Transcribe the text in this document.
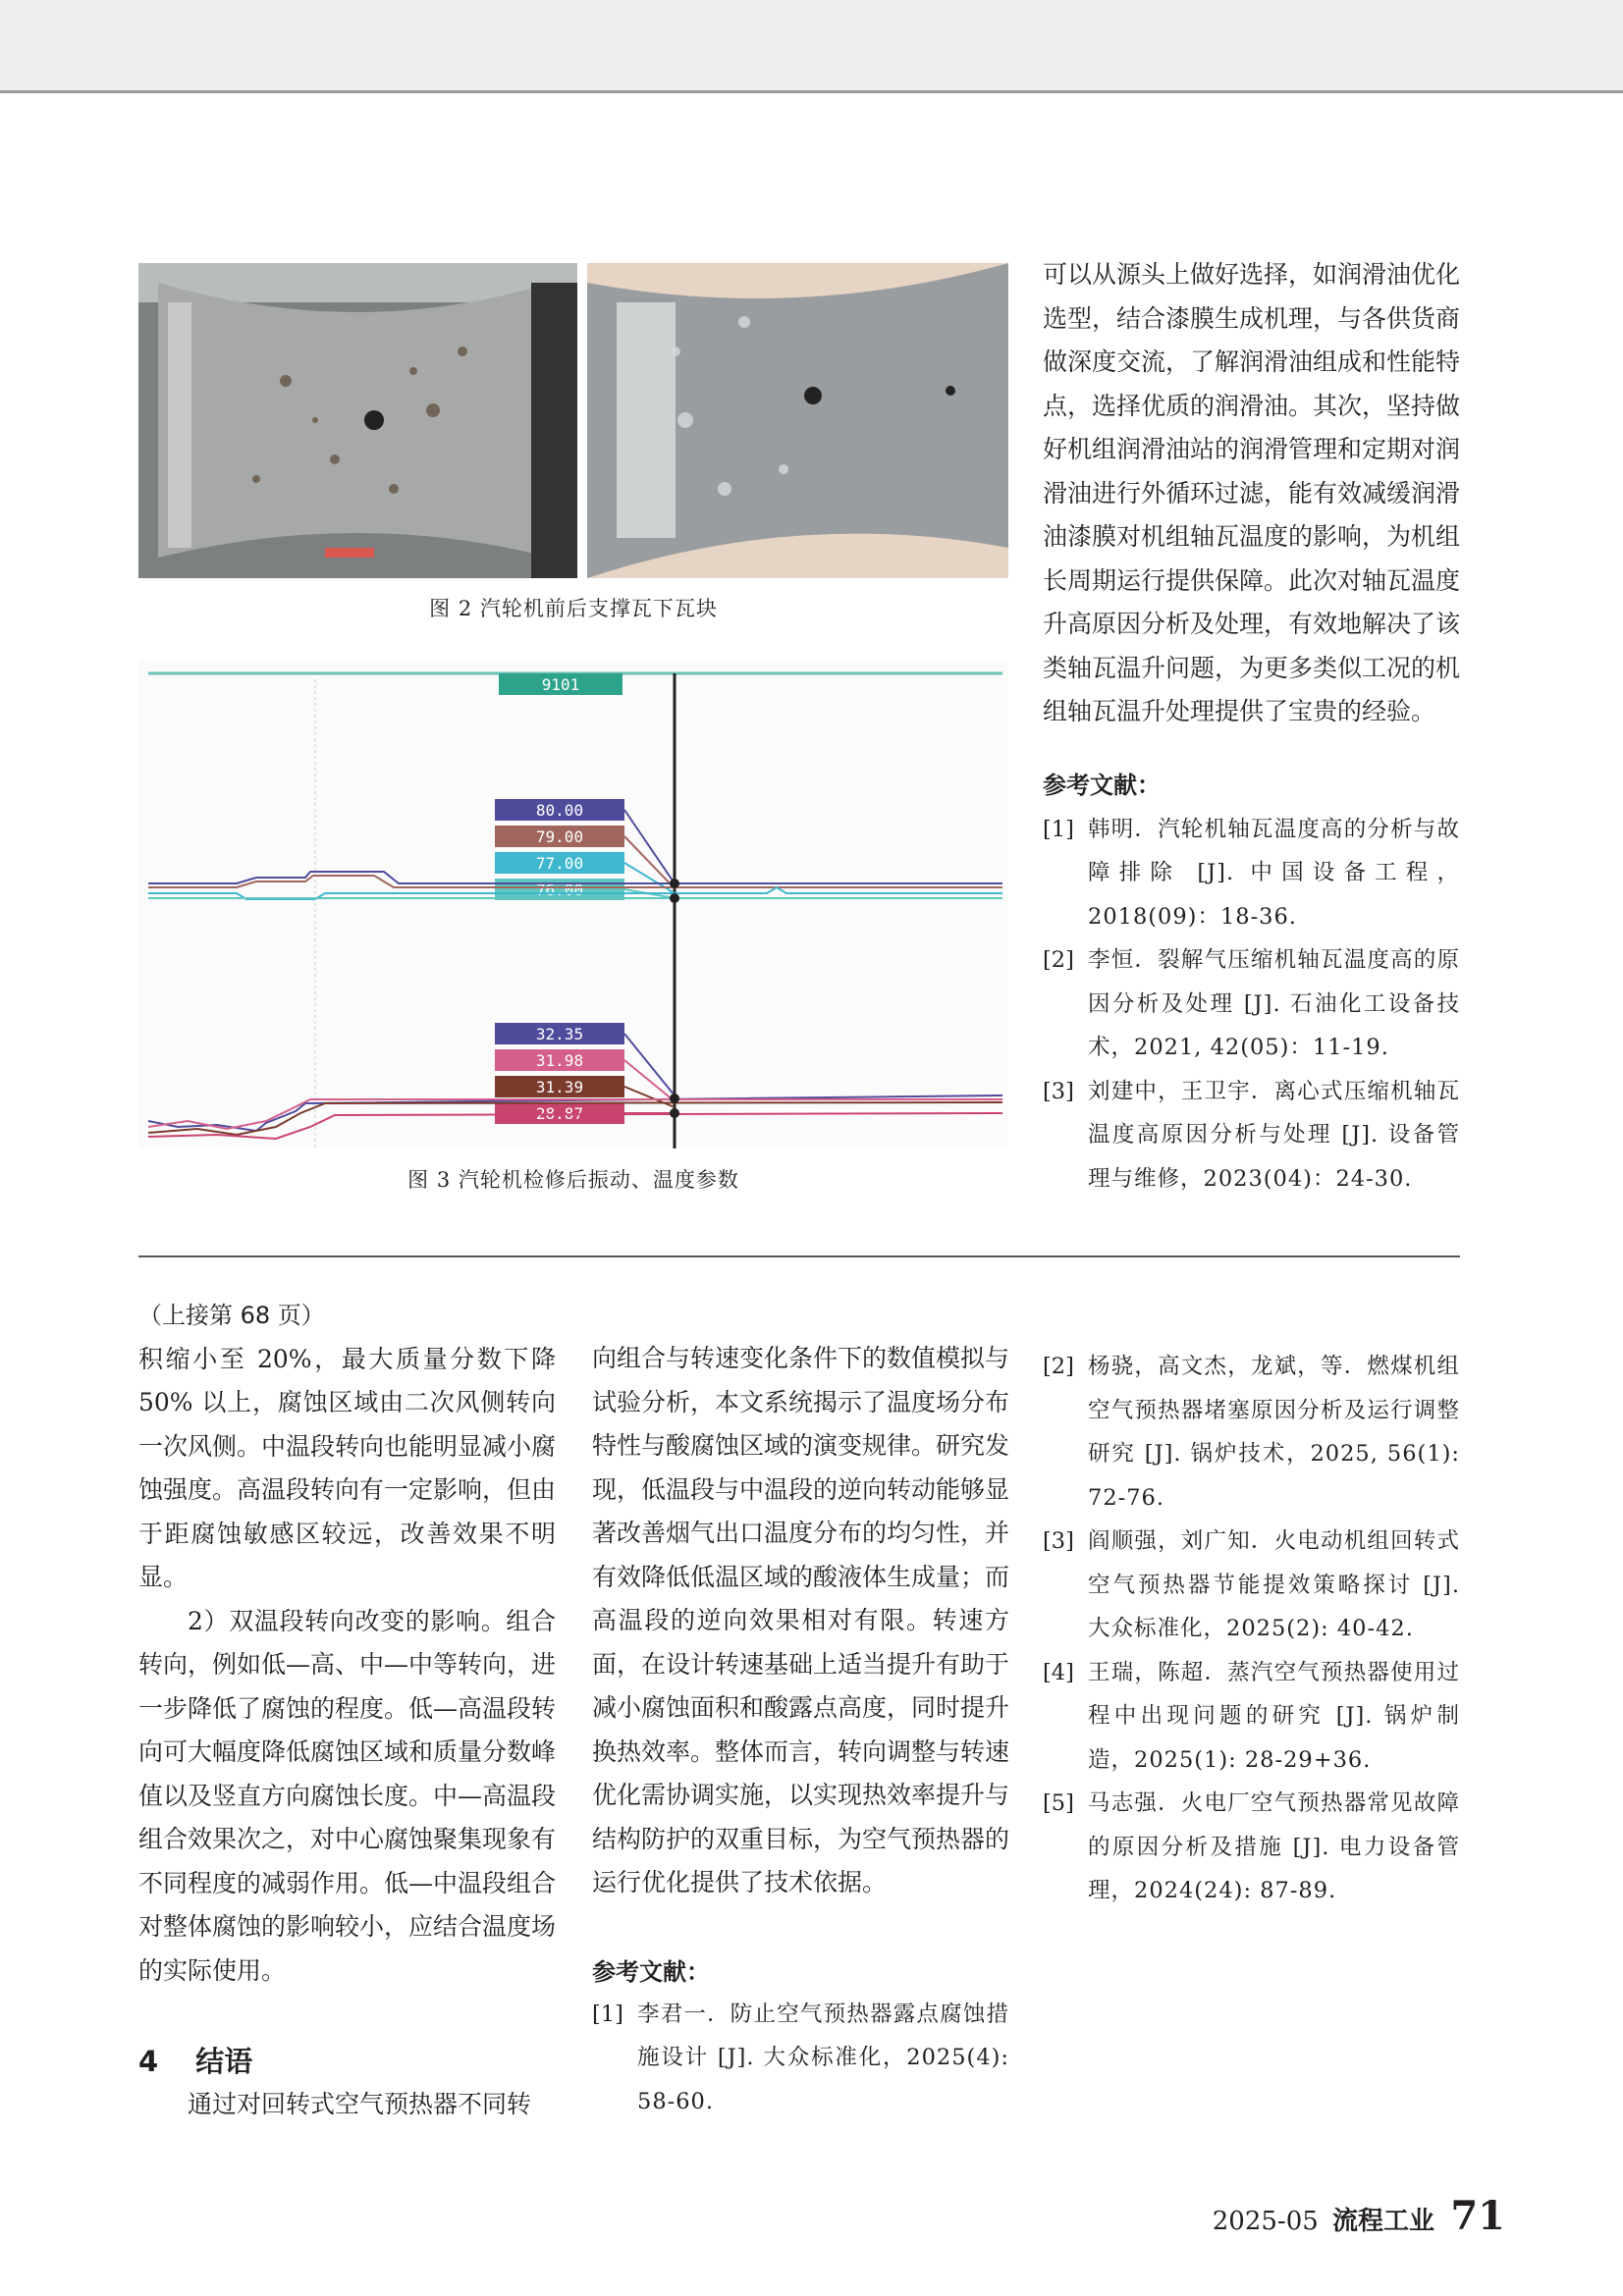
图 2 汽轮机前后支撑瓦下瓦块
9101
80.00
79.00
77.00
76.00
32.35
31.98
31.39
28.87
图 3 汽轮机检修后振动、温度参数

可以从源头上做好选择，如润滑油优化选型，结合漆膜生成机理，与各供货商做深度交流，了解润滑油组成和性能特点，选择优质的润滑油。其次，坚持做好机组润滑油站的润滑管理和定期对润滑油进行外循环过滤，能有效减缓润滑油漆膜对机组轴瓦温度的影响，为机组长周期运行提供保障。此次对轴瓦温度升高原因分析及处理，有效地解决了该类轴瓦温升问题，为更多类似工况的机组轴瓦温升处理提供了宝贵的经验。

参考文献：
[1] 韩明．汽轮机轴瓦温度高的分析与故障排除 [J]. 中国设备工程，2018(09)：18-36.
[2] 李恒．裂解气压缩机轴瓦温度高的原因分析及处理 [J]. 石油化工设备技术，2021, 42(05)：11-19.
[3] 刘建中，王卫宇．离心式压缩机轴瓦温度高原因分析与处理 [J]. 设备管理与维修，2023(04)：24-30.
（上接第 68 页）

积缩小至 20%，最大质量分数下降 50% 以上，腐蚀区域由二次风侧转向一次风侧。中温段转向也能明显减小腐蚀强度。高温段转向有一定影响，但由于距腐蚀敏感区较远，改善效果不明显。

2）双温段转向改变的影响。组合转向，例如低—高、中—中等转向，进一步降低了腐蚀的程度。低—高温段转向可大幅度降低腐蚀区域和质量分数峰值以及竖直方向腐蚀长度。中—高温段组合效果次之，对中心腐蚀聚集现象有不同程度的减弱作用。低—中温段组合对整体腐蚀的影响较小，应结合温度场的实际使用。

4 结语

通过对回转式空气预热器不同转

向组合与转速变化条件下的数值模拟与试验分析，本文系统揭示了温度场分布特性与酸腐蚀区域的演变规律。研究发现，低温段与中温段的逆向转动能够显著改善烟气出口温度分布的均匀性，并有效降低低温区域的酸液体生成量；而高温段的逆向效果相对有限。转速方面，在设计转速基础上适当提升有助于减小腐蚀面积和酸露点高度，同时提升换热效率。整体而言，转向调整与转速优化需协调实施，以实现热效率提升与结构防护的双重目标，为空气预热器的运行优化提供了技术依据。

参考文献：
[1] 李君一．防止空气预热器露点腐蚀措施设计 [J]. 大众标准化，2025(4): 58-60.
[2] 杨骁，高文杰，龙斌，等．燃煤机组空气预热器堵塞原因分析及运行调整研究 [J]. 锅炉技术，2025, 56(1): 72-76.
[3] 阎顺强，刘广知．火电动机组回转式空气预热器节能提效策略探讨 [J]. 大众标准化，2025(2): 40-42.
[4] 王瑞，陈超．蒸汽空气预热器使用过程中出现问题的研究 [J]. 锅炉制造，2025(1): 28-29+36.
[5] 马志强．火电厂空气预热器常见故障的原因分析及措施 [J]. 电力设备管理，2024(24): 87-89.
2025-05 流程工业 71
